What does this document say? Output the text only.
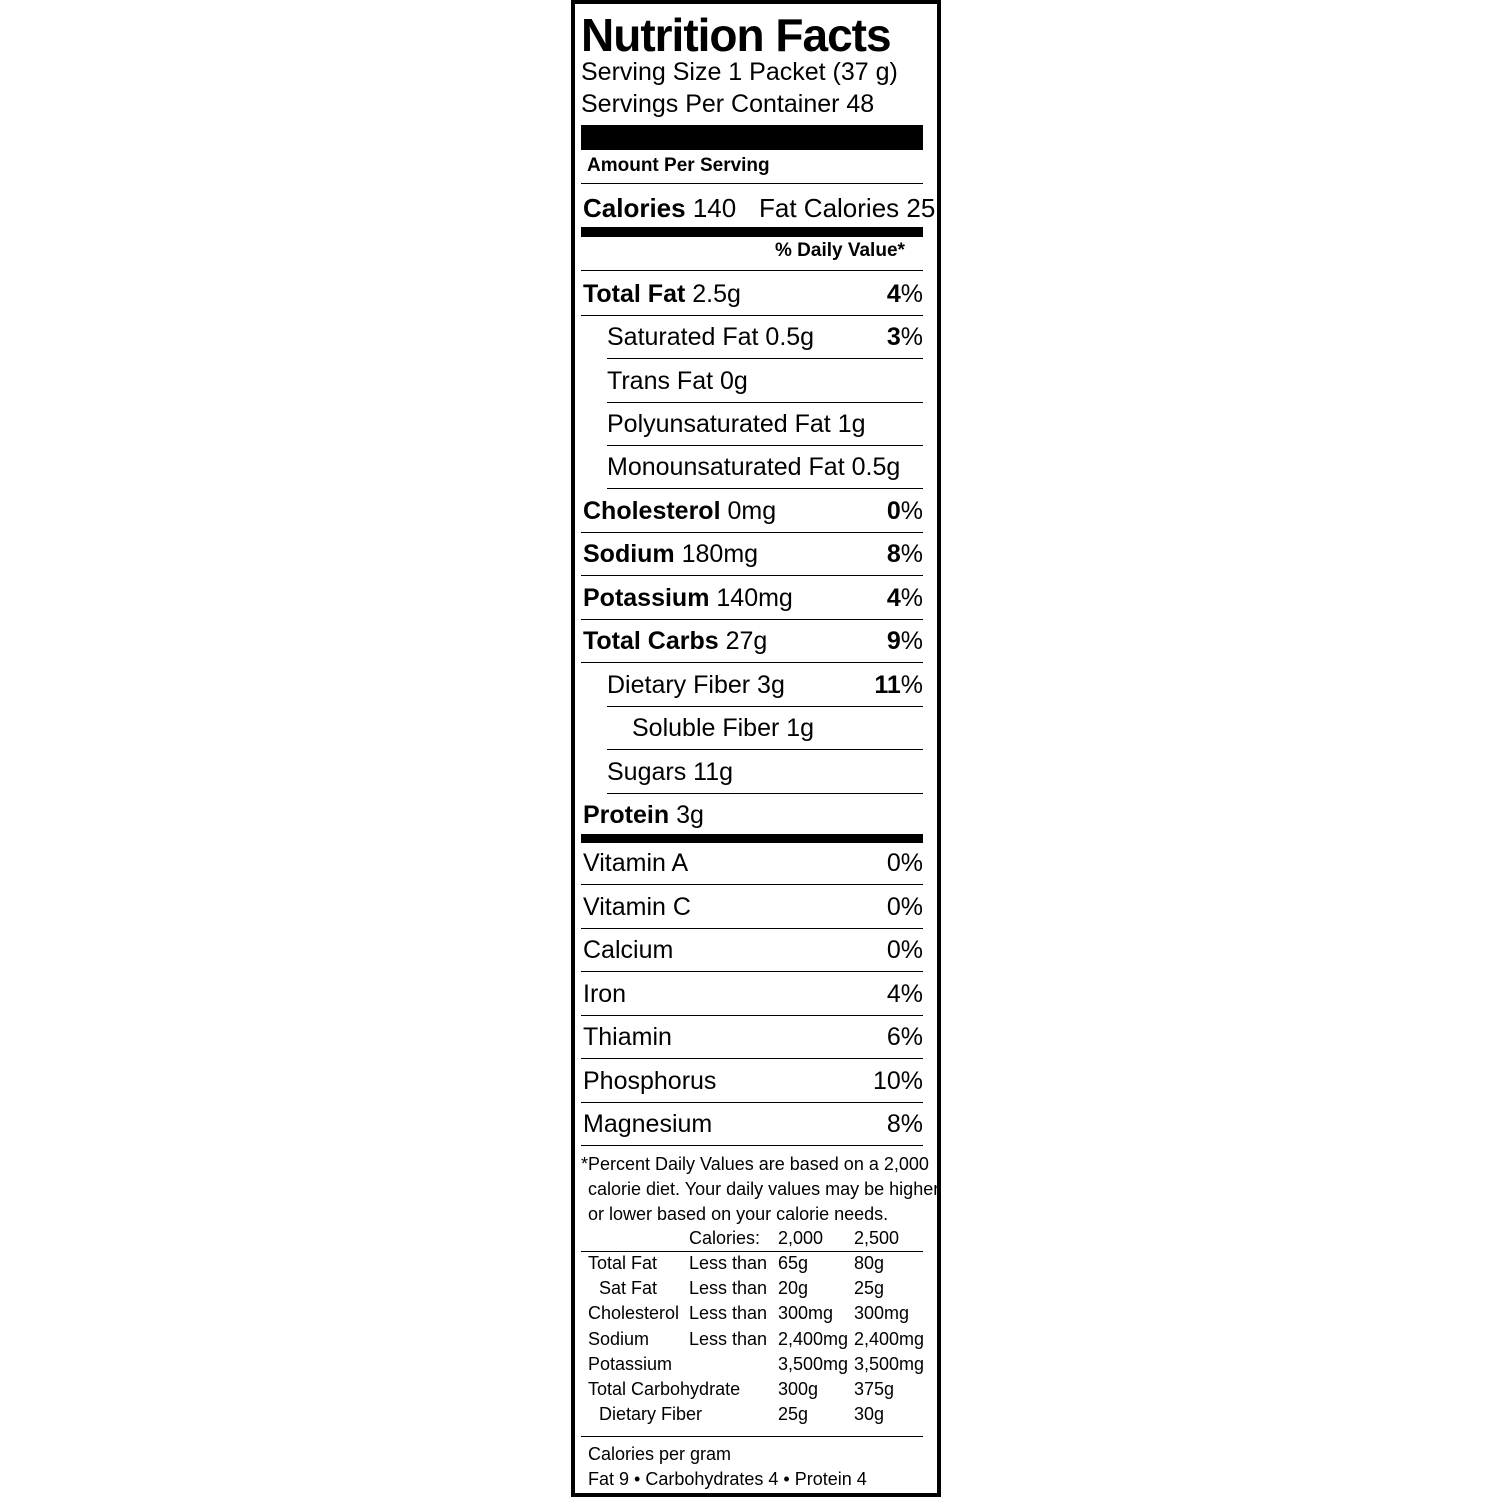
Nutrition Facts
Serving Size 1 Packet (37 g)
Servings Per Container 48
Amount Per Serving
Calories 140 Fat Calories 25
% Daily Value*
Total Fat 2.5g	4%
Saturated Fat 0.5g	3%
Trans Fat 0g
Polyunsaturated Fat 1g
Monounsaturated Fat 0.5g
Cholesterol 0mg	0%
Sodium 180mg	8%
Potassium 140mg	4%
Total Carbs 27g	9%
Dietary Fiber 3g	11%
Soluble Fiber 1g
Sugars 11g
Protein 3g
Vitamin A	0%
Vitamin C	0%
Calcium	0%
Iron	4%
Thiamin	6%
Phosphorus	10%
Magnesium	8%
*Percent Daily Values are based on a 2,000
calorie diet. Your daily values may be higher
or lower based on your calorie needs.
Calories: 2,000 2,500
Total Fat Less than 65g	80g
Sat Fat Less than 20g	25g
Cholesterol Less than 300mg 300mg
Sodium Less than 2,400mg 2,400mg
Potassium	3,500mg 3,500mg
Total Carbohydrate 300g 375g
Dietary Fiber	25g	30g
Calories per gram
Fat 9 • Carbohydrates 4 • Protein 4
